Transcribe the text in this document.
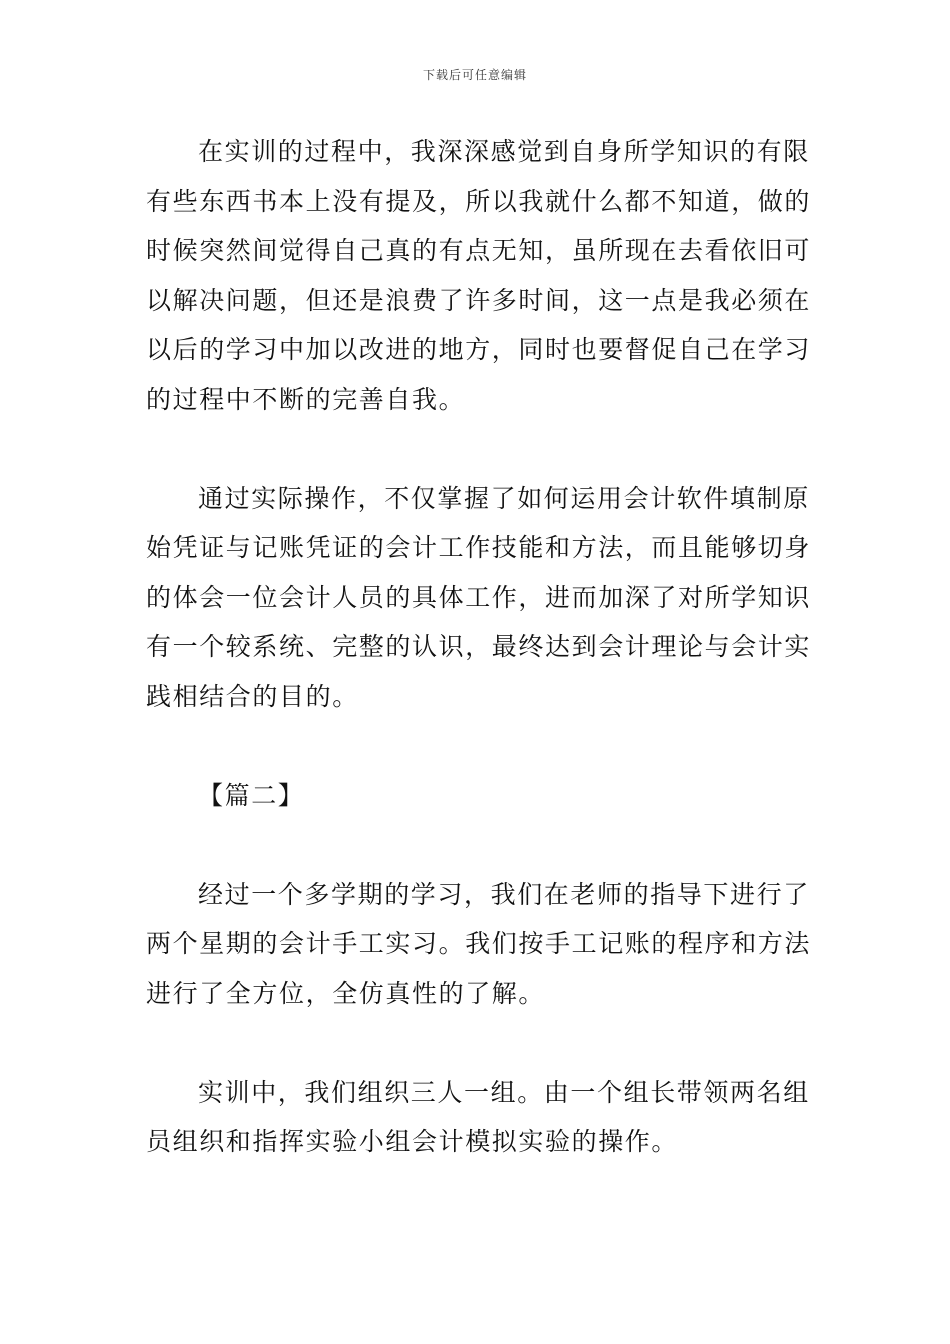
下载后可任意编辑

在实训的过程中，我深深感觉到自身所学知识的有限
有些东西书本上没有提及，所以我就什么都不知道，做的
时候突然间觉得自己真的有点无知，虽所现在去看依旧可
以解决问题，但还是浪费了许多时间，这一点是我必须在
以后的学习中加以改进的地方，同时也要督促自己在学习
的过程中不断的完善自我。

通过实际操作，不仅掌握了如何运用会计软件填制原
始凭证与记账凭证的会计工作技能和方法，而且能够切身
的体会一位会计人员的具体工作，进而加深了对所学知识
有一个较系统、完整的认识，最终达到会计理论与会计实
践相结合的目的。

【篇二】

经过一个多学期的学习，我们在老师的指导下进行了
两个星期的会计手工实习。我们按手工记账的程序和方法
进行了全方位，全仿真性的了解。

实训中，我们组织三人一组。由一个组长带领两名组
员组织和指挥实验小组会计模拟实验的操作。
